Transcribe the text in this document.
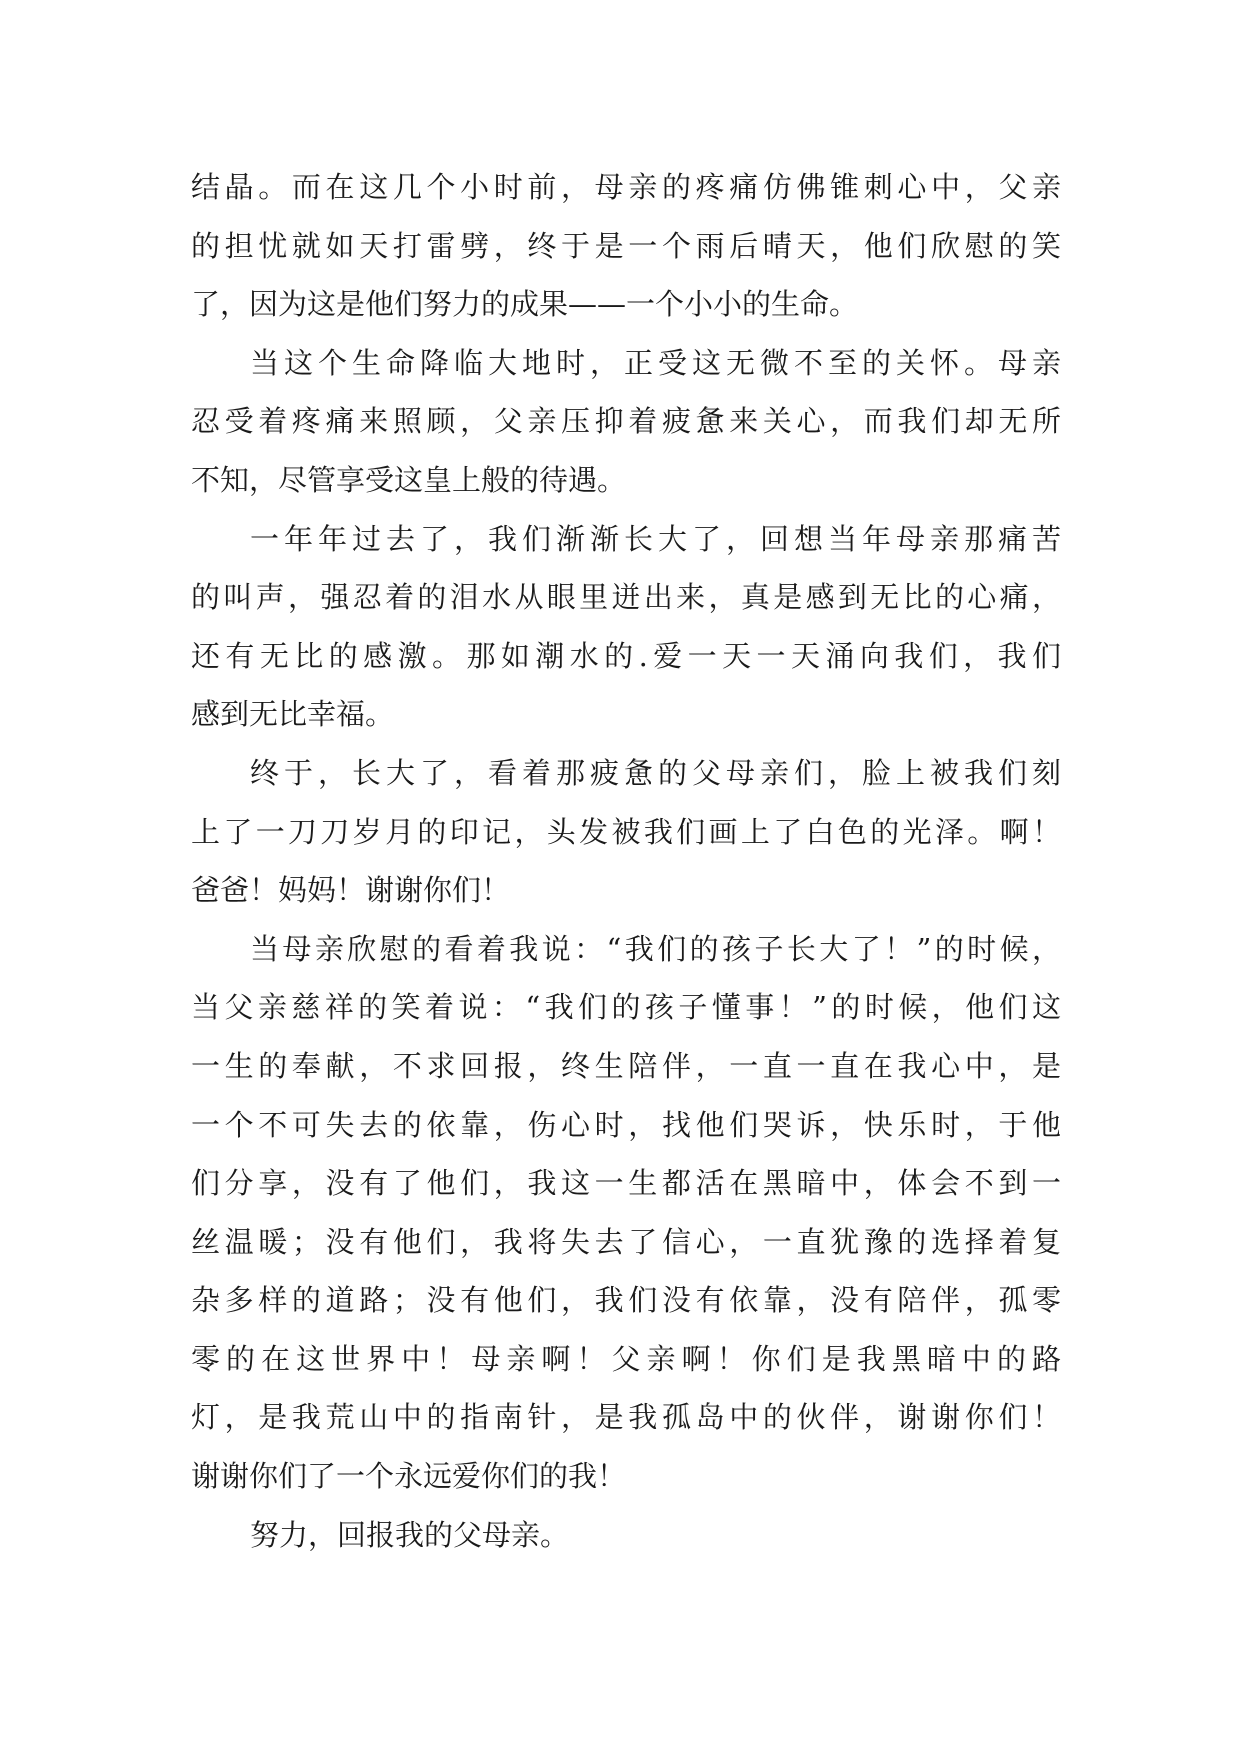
结晶。而在这几个小时前，母亲的疼痛仿佛锥刺心中，父亲
的担忧就如天打雷劈，终于是一个雨后晴天，他们欣慰的笑
了，因为这是他们努力的成果——一个小小的生命。
当这个生命降临大地时，正受这无微不至的关怀。母亲
忍受着疼痛来照顾，父亲压抑着疲惫来关心，而我们却无所
不知，尽管享受这皇上般的待遇。
一年年过去了，我们渐渐长大了，回想当年母亲那痛苦
的叫声，强忍着的泪水从眼里迸出来，真是感到无比的心痛，
还有无比的感激。那如潮水的.爱一天一天涌向我们，我们
感到无比幸福。
终于，长大了，看着那疲惫的父母亲们，脸上被我们刻
上了一刀刀岁月的印记，头发被我们画上了白色的光泽。啊！
爸爸！妈妈！谢谢你们！
当母亲欣慰的看着我说：“我们的孩子长大了！”的时候，
当父亲慈祥的笑着说：“我们的孩子懂事！”的时候，他们这
一生的奉献，不求回报，终生陪伴，一直一直在我心中，是
一个不可失去的依靠，伤心时，找他们哭诉，快乐时，于他
们分享，没有了他们，我这一生都活在黑暗中，体会不到一
丝温暖；没有他们，我将失去了信心，一直犹豫的选择着复
杂多样的道路；没有他们，我们没有依靠，没有陪伴，孤零
零的在这世界中！母亲啊！父亲啊！你们是我黑暗中的路
灯，是我荒山中的指南针，是我孤岛中的伙伴，谢谢你们！
谢谢你们了一个永远爱你们的我！
努力，回报我的父母亲。
